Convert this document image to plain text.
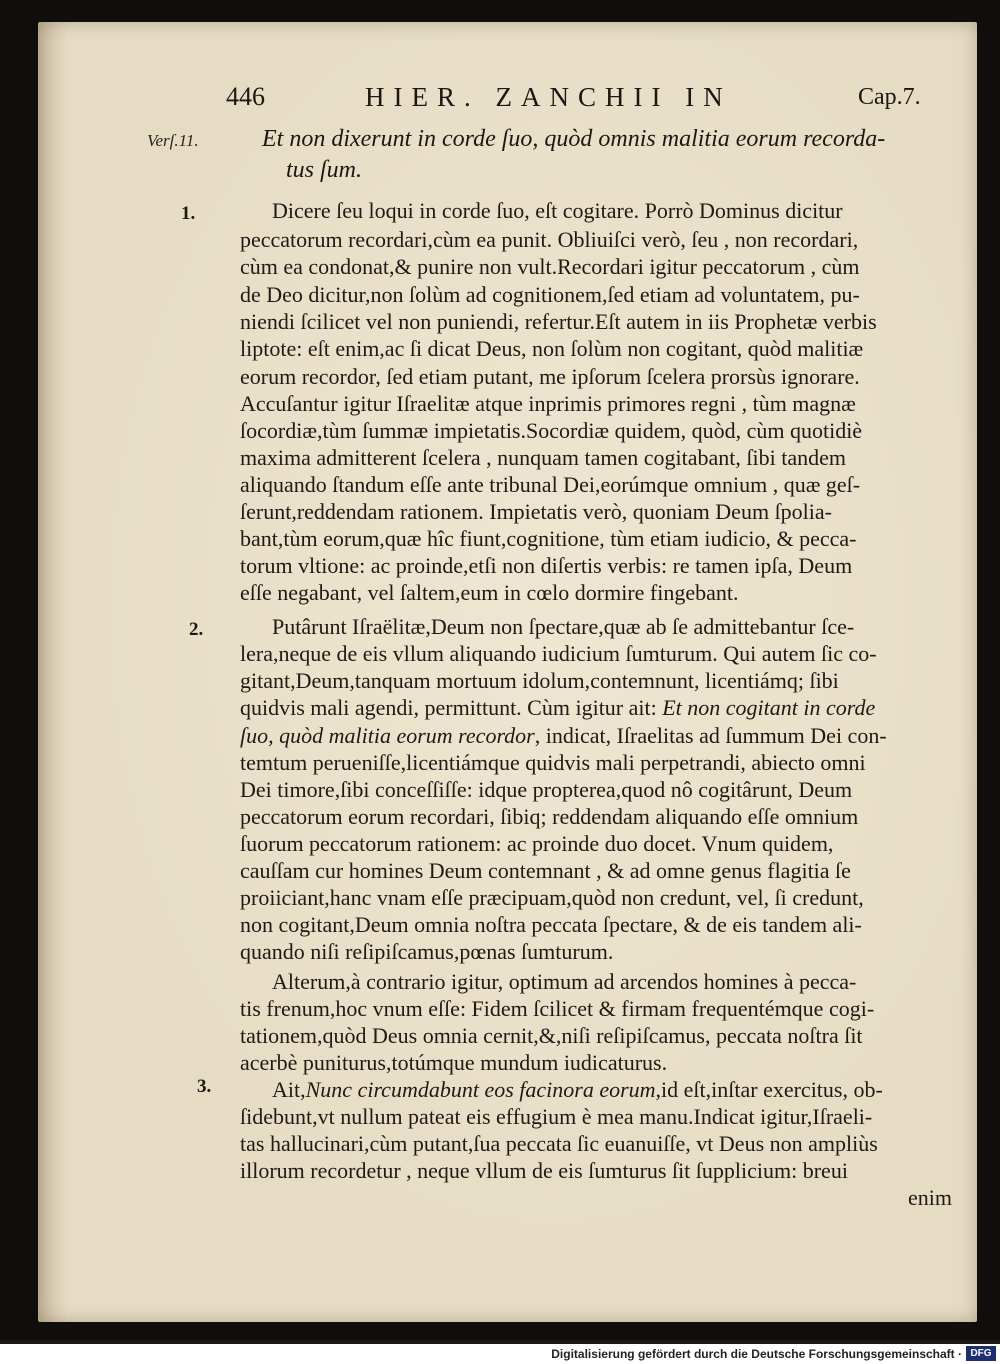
446	HIER. ZANCHII IN	Cap.7.
Verſ.11.	Et non dixerunt in corde ſuo, quòd omnis malitia eorum recorda-

tus ſum.
1.
2.
3.
Dicere ſeu loqui in corde ſuo, eſt cogitare. Porrò Dominus dicitur
peccatorum recordari,cùm ea punit. Obliuiſci verò, ſeu , non recordari,
cùm ea condonat,& punire non vult.Recordari igitur peccatorum , cùm
de Deo dicitur,non ſolùm ad cognitionem,ſed etiam ad voluntatem, pu-
niendi ſcilicet vel non puniendi, refertur.Eſt autem in iis Prophetæ verbis
liptote: eſt enim,ac ſi dicat Deus, non ſolùm non cogitant, quòd malitiæ
eorum recordor, ſed etiam putant, me ipſorum ſcelera prorsùs ignorare.
Accuſantur igitur Iſraelitæ atque inprimis primores regni , tùm magnæ
ſocordiæ,tùm ſummæ impietatis.Socordiæ quidem, quòd, cùm quotidiè
maxima admitterent ſcelera , nunquam tamen cogitabant, ſibi tandem
aliquando ſtandum eſſe ante tribunal Dei,eorúmque omnium , quæ geſ-
ſerunt,reddendam rationem. Impietatis verò, quoniam Deum ſpolia-
bant,tùm eorum,quæ hîc fiunt,cognitione, tùm etiam iudicio, & pecca-
torum vltione: ac proinde,etſi non diſertis verbis: re tamen ipſa, Deum
eſſe negabant, vel ſaltem,eum in cœlo dormire fingebant.
Putârunt Iſraëlitæ,Deum non ſpectare,quæ ab ſe admittebantur ſce-
lera,neque de eis vllum aliquando iudicium ſumturum. Qui autem ſic co-
gitant,Deum,tanquam mortuum idolum,contemnunt, licentiámq; ſibi
quidvis mali agendi, permittunt. Cùm igitur ait: Et non cogitant in corde
ſuo, quòd malitia eorum recordor, indicat, Iſraelitas ad ſummum Dei con-
temtum perueniſſe,licentiámque quidvis mali perpetrandi, abiecto omni
Dei timore,ſibi conceſſiſſe: idque propterea,quod nô cogitârunt, Deum
peccatorum eorum recordari, ſibiq; reddendam aliquando eſſe omnium
ſuorum peccatorum rationem: ac proinde duo docet. Vnum quidem,
cauſſam cur homines Deum contemnant , & ad omne genus flagitia ſe
proiiciant,hanc vnam eſſe præcipuam,quòd non credunt, vel, ſi credunt,
non cogitant,Deum omnia noſtra peccata ſpectare, & de eis tandem ali-
quando niſi reſipiſcamus,pœnas ſumturum.
Alterum,à contrario igitur, optimum ad arcendos homines à pecca-
tis frenum,hoc vnum eſſe: Fidem ſcilicet & firmam frequentémque cogi-
tationem,quòd Deus omnia cernit,&,niſi reſipiſcamus, peccata noſtra ſit
acerbè puniturus,totúmque mundum iudicaturus.
Ait,Nunc circumdabunt eos facinora eorum,id eſt,inſtar exercitus, ob-
ſidebunt,vt nullum pateat eis effugium è mea manu.Indicat igitur,Iſraeli-
tas hallucinari,cùm putant,ſua peccata ſic euanuiſſe, vt Deus non ampliùs
illorum recordetur , neque vllum de eis ſumturus ſit ſupplicium: breui
enim
Digitalisierung gefördert durch die Deutsche Forschungsgemeinschaft · DFG
